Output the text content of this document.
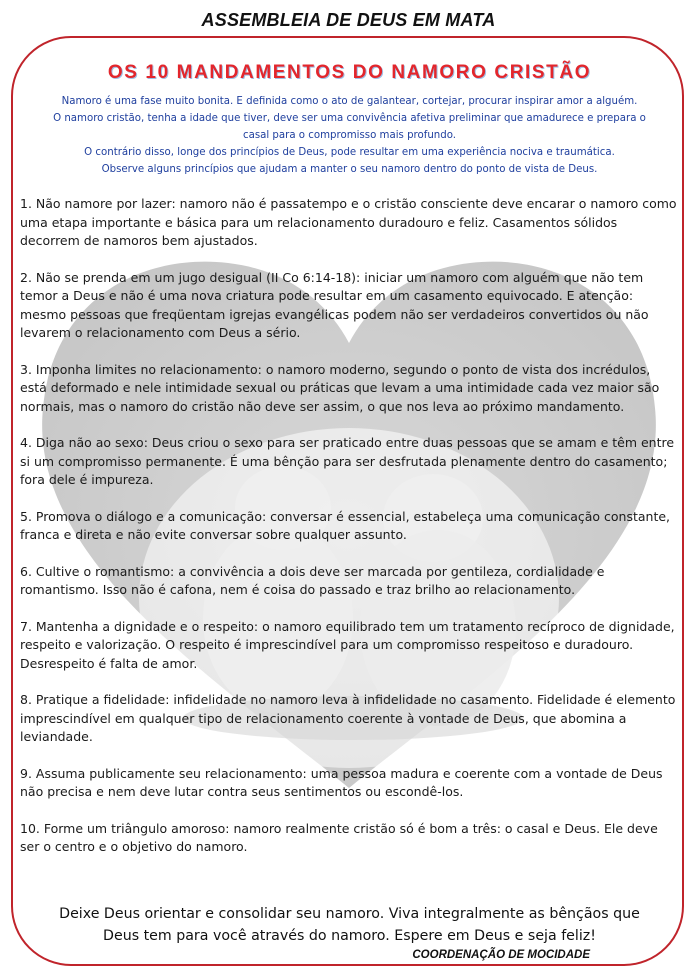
ASSEMBLEIA DE DEUS EM MATA
OS 10 MANDAMENTOS DO NAMORO CRISTÃO

Namoro é uma fase muito bonita. E definida como o ato de galantear, cortejar, procurar inspirar amor a alguém.

O namoro cristão, tenha a idade que tiver, deve ser uma convivência afetiva preliminar que amadurece e prepara o casal para o compromisso mais profundo.

O contrário disso, longe dos princípios de Deus, pode resultar em uma experiência nociva e traumática.

Observe alguns princípios que ajudam a manter o seu namoro dentro do ponto de vista de Deus.

1. Não namore por lazer: namoro não é passatempo e o cristão consciente deve encarar o namoro como uma etapa importante e básica para um relacionamento duradouro e feliz. Casamentos sólidos decorrem de namoros bem ajustados.

2. Não se prenda em um jugo desigual (II Co 6:14-18): iniciar um namoro com alguém que não tem temor a Deus e não é uma nova criatura pode resultar em um casamento equivocado. E atenção: mesmo pessoas que freqüentam igrejas evangélicas podem não ser verdadeiros convertidos ou não levarem o relacionamento com Deus a sério.

3. Imponha limites no relacionamento: o namoro moderno, segundo o ponto de vista dos incrédulos, está deformado e nele intimidade sexual ou práticas que levam a uma intimidade cada vez maior são normais, mas o namoro do cristão não deve ser assim, o que nos leva ao próximo mandamento.

4. Diga não ao sexo: Deus criou o sexo para ser praticado entre duas pessoas que se amam e têm entre si um compromisso permanente. É uma bênção para ser desfrutada plenamente dentro do casamento; fora dele é impureza.

5. Promova o diálogo e a comunicação: conversar é essencial, estabeleça uma comunicação constante, franca e direta e não evite conversar sobre qualquer assunto.

6. Cultive o romantismo: a convivência a dois deve ser marcada por gentileza, cordialidade e romantismo. Isso não é cafona, nem é coisa do passado e traz brilho ao relacionamento.

7. Mantenha a dignidade e o respeito: o namoro equilibrado tem um tratamento recíproco de dignidade, respeito e valorização. O respeito é imprescindível para um compromisso respeitoso e duradouro. Desrespeito é falta de amor.

8. Pratique a fidelidade: infidelidade no namoro leva à infidelidade no casamento. Fidelidade é elemento imprescindível em qualquer tipo de relacionamento coerente à vontade de Deus, que abomina a leviandade.

9. Assuma publicamente seu relacionamento: uma pessoa madura e coerente com a vontade de Deus não precisa e nem deve lutar contra seus sentimentos ou escondê-los.

10. Forme um triângulo amoroso: namoro realmente cristão só é bom a três: o casal e Deus. Ele deve ser o centro e o objetivo do namoro.

Deixe Deus orientar e consolidar seu namoro. Viva integralmente as bênçãos que Deus tem para você através do namoro. Espere em Deus e seja feliz!
COORDENAÇÃO DE MOCIDADE
